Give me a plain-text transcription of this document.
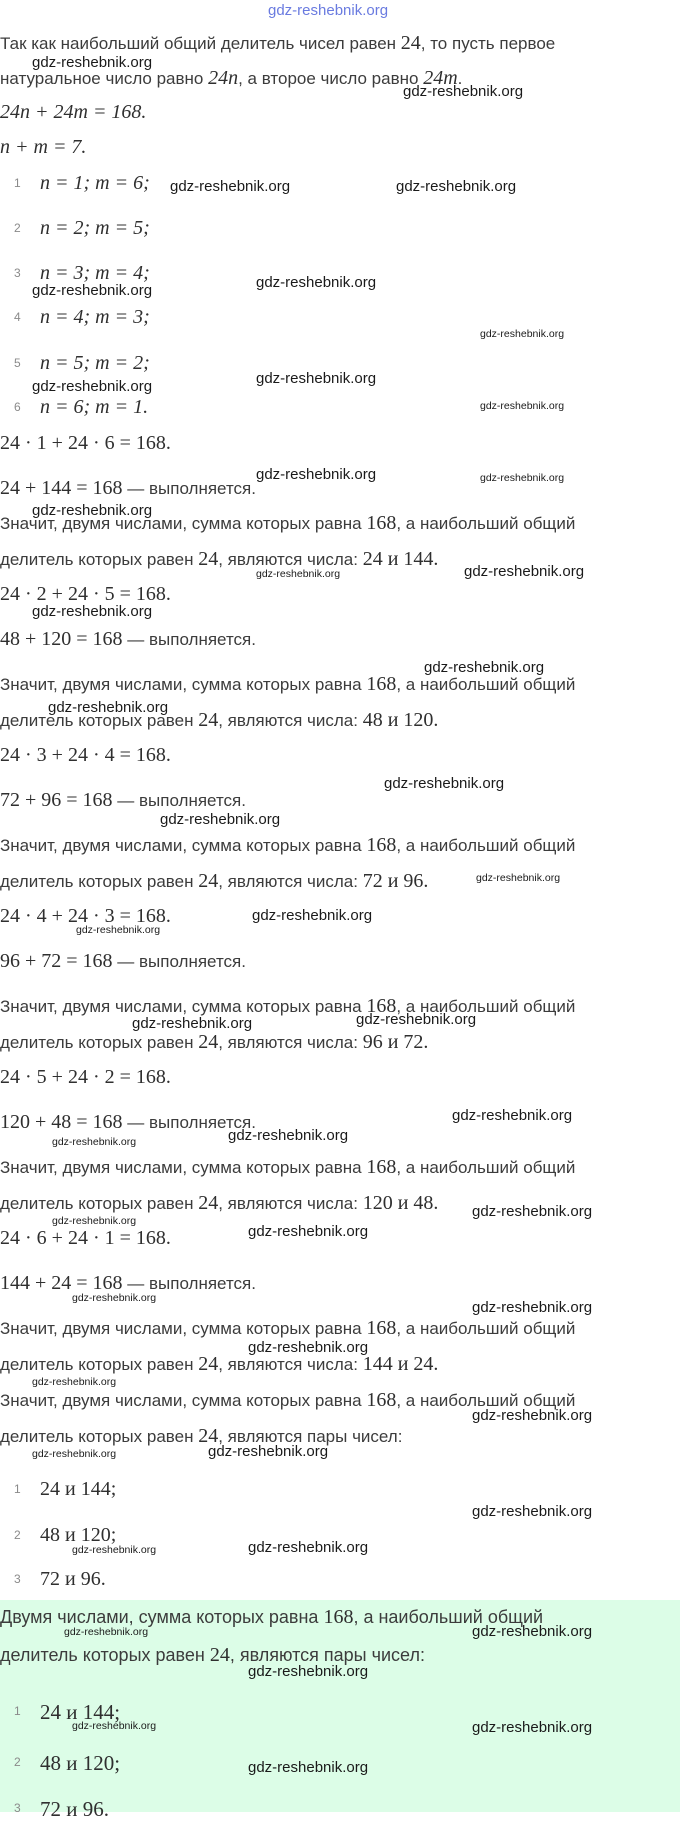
gdz-reshebnik.org
Так как наибольший общий делитель чисел равен 24, то пусть первое
натуральное число равно 24n, а второе число равно 24m.
24n + 24m = 168.
n + m = 7.
1 n = 1; m = 6;
2 n = 2; m = 5;
3 n = 3; m = 4;
4 n = 4; m = 3;
5 n = 5; m = 2;
6 n = 6; m = 1.
24 · 1 + 24 · 6 = 168.
24 + 144 = 168 — выполняется.
Значит, двумя числами, сумма которых равна 168, а наибольший общий
делитель которых равен 24, являются числа: 24 и 144.
24 · 2 + 24 · 5 = 168.
48 + 120 = 168 — выполняется.
Значит, двумя числами, сумма которых равна 168, а наибольший общий
делитель которых равен 24, являются числа: 48 и 120.
24 · 3 + 24 · 4 = 168.
72 + 96 = 168 — выполняется.
Значит, двумя числами, сумма которых равна 168, а наибольший общий
делитель которых равен 24, являются числа: 72 и 96.
24 · 4 + 24 · 3 = 168.
96 + 72 = 168 — выполняется.
Значит, двумя числами, сумма которых равна 168, а наибольший общий
делитель которых равен 24, являются числа: 96 и 72.
24 · 5 + 24 · 2 = 168.
120 + 48 = 168 — выполняется.
Значит, двумя числами, сумма которых равна 168, а наибольший общий
делитель которых равен 24, являются числа: 120 и 48.
24 · 6 + 24 · 1 = 168.
144 + 24 = 168 — выполняется.
Значит, двумя числами, сумма которых равна 168, а наибольший общий
делитель которых равен 24, являются числа: 144 и 24.
Значит, двумя числами, сумма которых равна 168, а наибольший общий
делитель которых равен 24, являются пары чисел:
1 24 и 144;
2 48 и 120;
3 72 и 96.
Двумя числами, сумма которых равна 168, а наибольший общий
делитель которых равен 24, являются пары чисел:
1 24 и 144;
2 48 и 120;
3 72 и 96.
gdz-reshebnik.org
gdz-reshebnik.org
gdz-reshebnik.org	gdz-reshebnik.org
gdz-reshebnik.org
gdz-reshebnik.org
gdz-reshebnik.org
gdz-reshebnik.org
gdz-reshebnik.org
gdz-reshebnik.org
gdz-reshebnik.org	gdz-reshebnik.org
gdz-reshebnik.org
gdz-reshebnik.org
gdz-reshebnik.org
gdz-reshebnik.org
gdz-reshebnik.org
gdz-reshebnik.org
gdz-reshebnik.org
gdz-reshebnik.org
gdz-reshebnik.org
gdz-reshebnik.org
gdz-reshebnik.org
gdz-reshebnik.org
gdz-reshebnik.org
gdz-reshebnik.org
gdz-reshebnik.org
gdz-reshebnik.org
gdz-reshebnik.org
gdz-reshebnik.org
gdz-reshebnik.org
gdz-reshebnik.org
gdz-reshebnik.org
gdz-reshebnik.org
gdz-reshebnik.org
gdz-reshebnik.org
gdz-reshebnik.org
gdz-reshebnik.org
gdz-reshebnik.org
gdz-reshebnik.org
gdz-reshebnik.org
gdz-reshebnik.org	gdz-reshebnik.org
gdz-reshebnik.org
gdz-reshebnik.org	gdz-reshebnik.org
gdz-reshebnik.org
